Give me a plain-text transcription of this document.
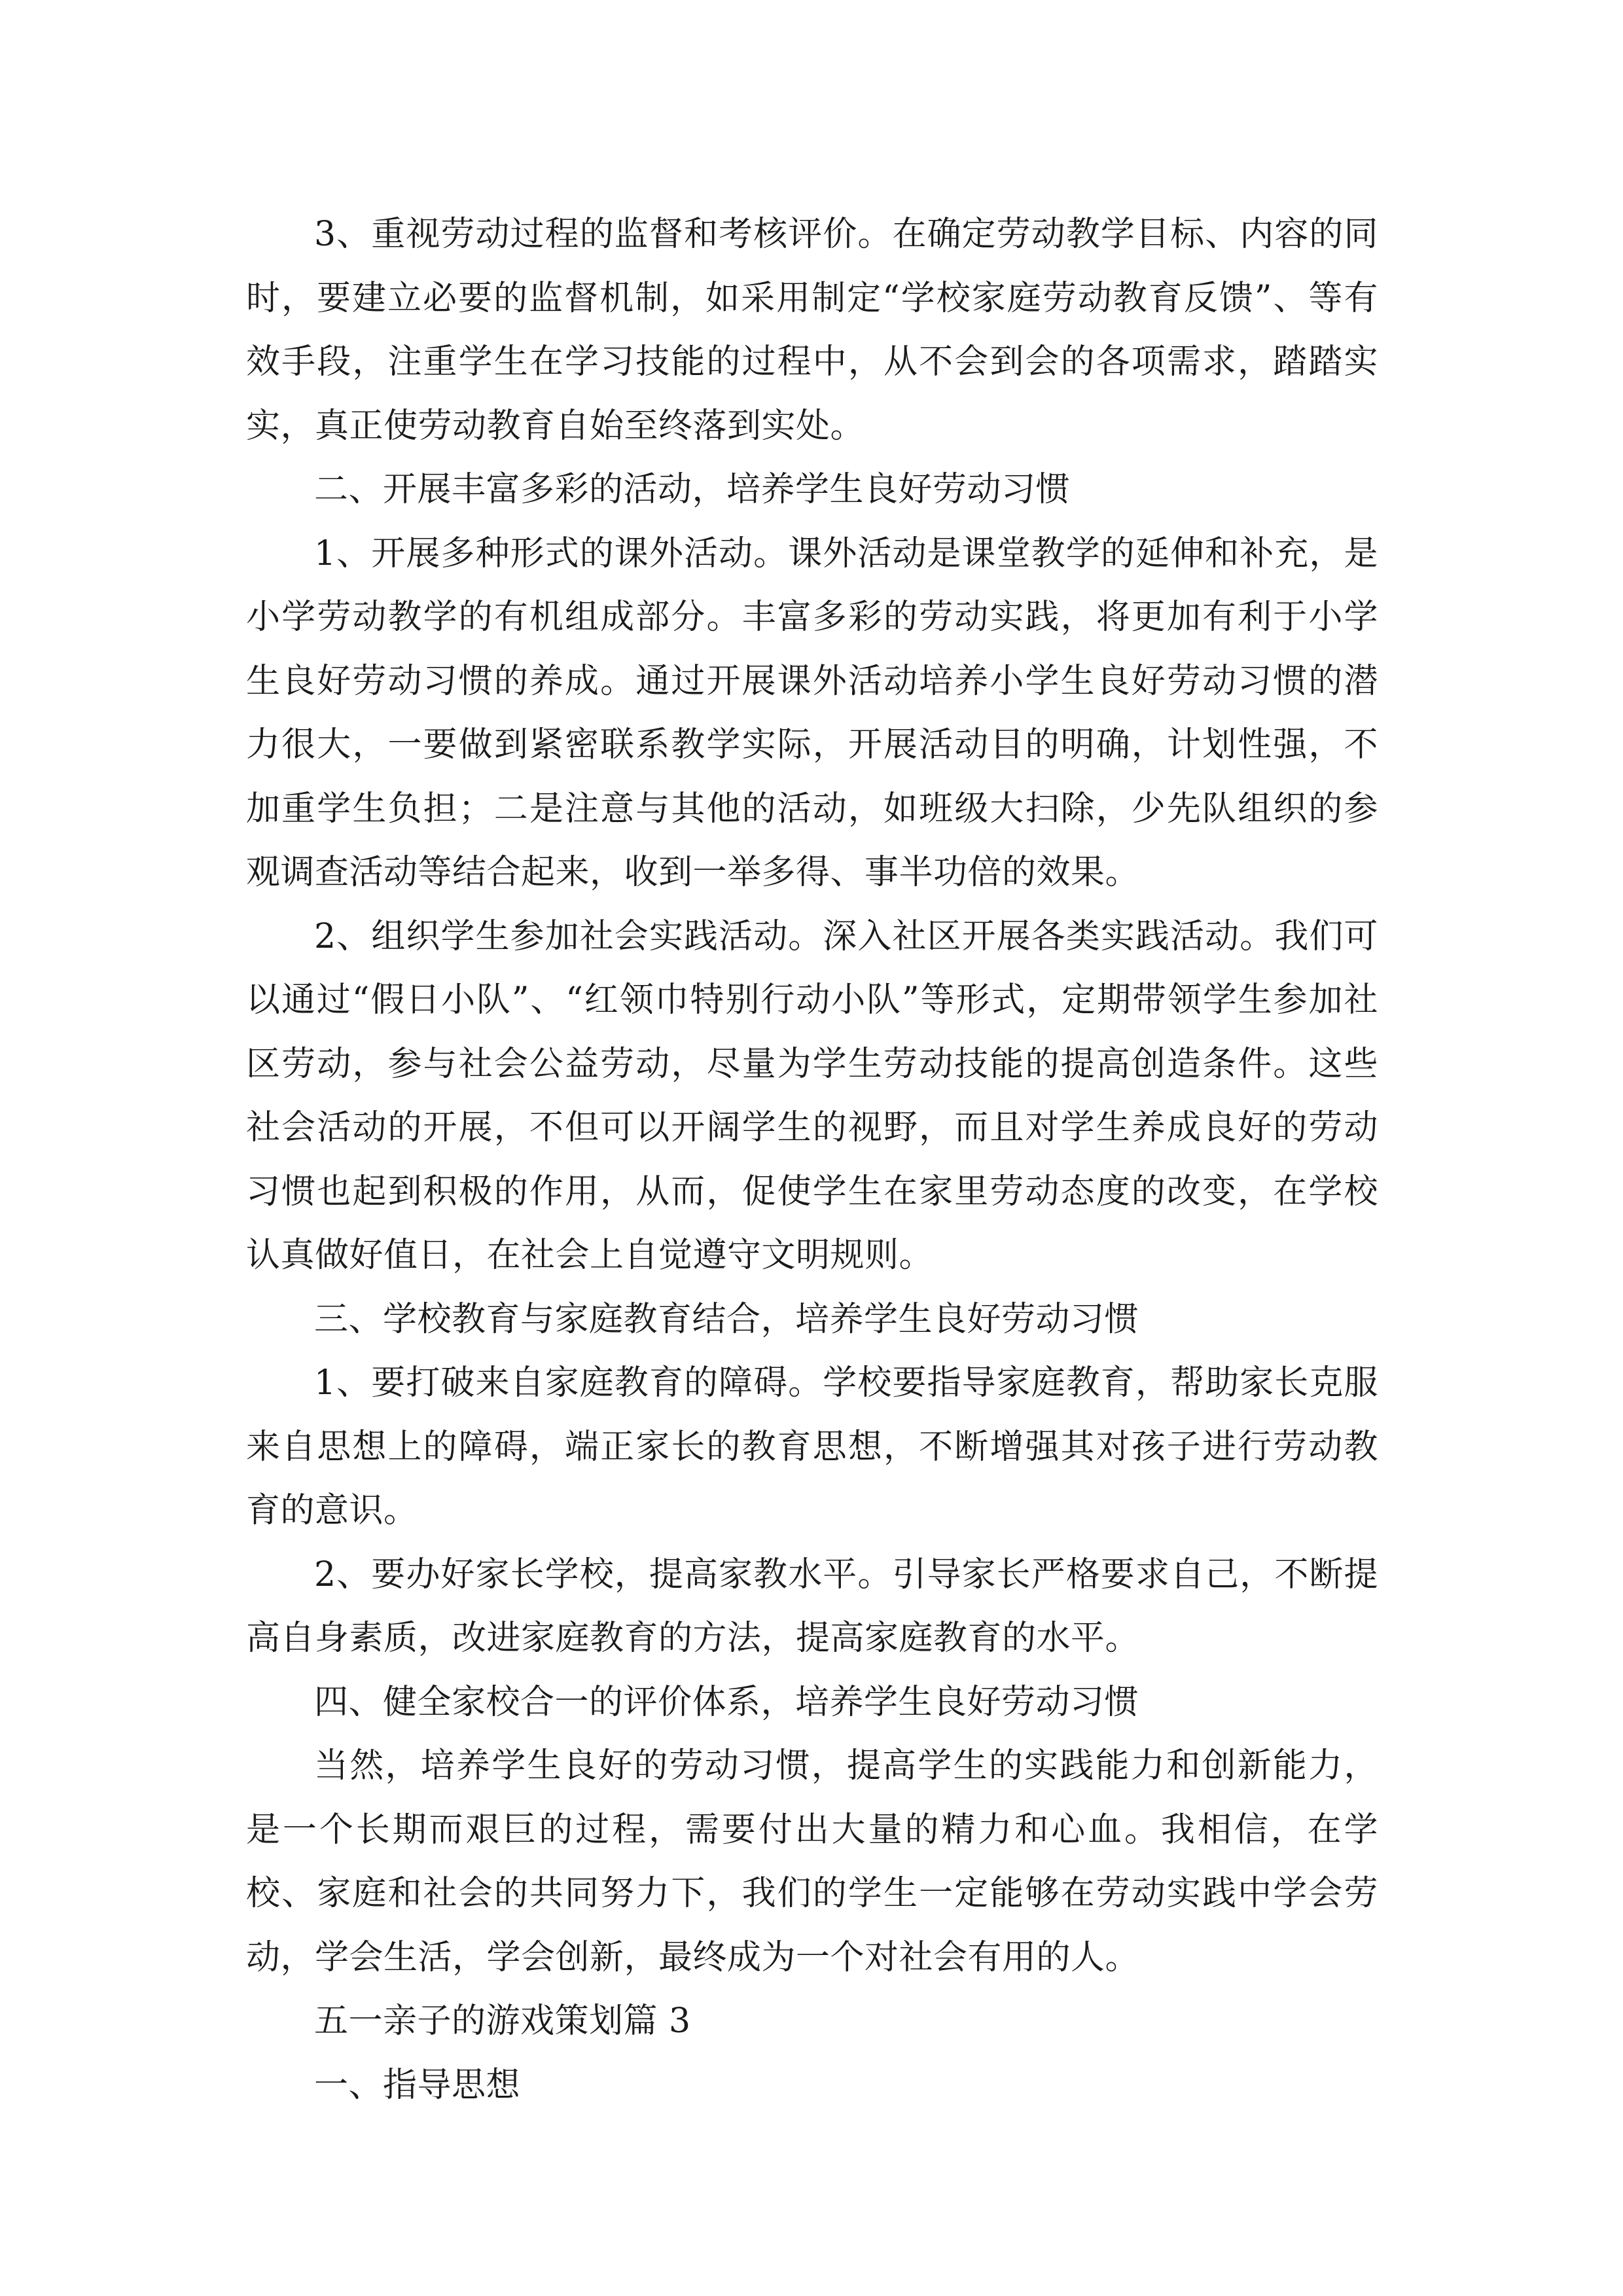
3、重视劳动过程的监督和考核评价。在确定劳动教学目标、内容的同时，要建立必要的监督机制，如采用制定“学校家庭劳动教育反馈”、等有效手段，注重学生在学习技能的过程中，从不会到会的各项需求，踏踏实实，真正使劳动教育自始至终落到实处。

二、开展丰富多彩的活动，培养学生良好劳动习惯

1、开展多种形式的课外活动。课外活动是课堂教学的延伸和补充，是小学劳动教学的有机组成部分。丰富多彩的劳动实践，将更加有利于小学生良好劳动习惯的养成。通过开展课外活动培养小学生良好劳动习惯的潜力很大，一要做到紧密联系教学实际，开展活动目的明确，计划性强，不加重学生负担；二是注意与其他的活动，如班级大扫除，少先队组织的参观调查活动等结合起来，收到一举多得、事半功倍的效果。

2、组织学生参加社会实践活动。深入社区开展各类实践活动。我们可以通过“假日小队”、“红领巾特别行动小队”等形式，定期带领学生参加社区劳动，参与社会公益劳动，尽量为学生劳动技能的提高创造条件。这些社会活动的开展，不但可以开阔学生的视野，而且对学生养成良好的劳动习惯也起到积极的作用，从而，促使学生在家里劳动态度的改变，在学校认真做好值日，在社会上自觉遵守文明规则。

三、学校教育与家庭教育结合，培养学生良好劳动习惯

1、要打破来自家庭教育的障碍。学校要指导家庭教育，帮助家长克服来自思想上的障碍，端正家长的教育思想，不断增强其对孩子进行劳动教育的意识。

2、要办好家长学校，提高家教水平。引导家长严格要求自己，不断提高自身素质，改进家庭教育的方法，提高家庭教育的水平。

四、健全家校合一的评价体系，培养学生良好劳动习惯

当然，培养学生良好的劳动习惯，提高学生的实践能力和创新能力，是一个长期而艰巨的过程，需要付出大量的精力和心血。我相信，在学校、家庭和社会的共同努力下，我们的学生一定能够在劳动实践中学会劳动，学会生活，学会创新，最终成为一个对社会有用的人。

五一亲子的游戏策划篇 3

一、指导思想
